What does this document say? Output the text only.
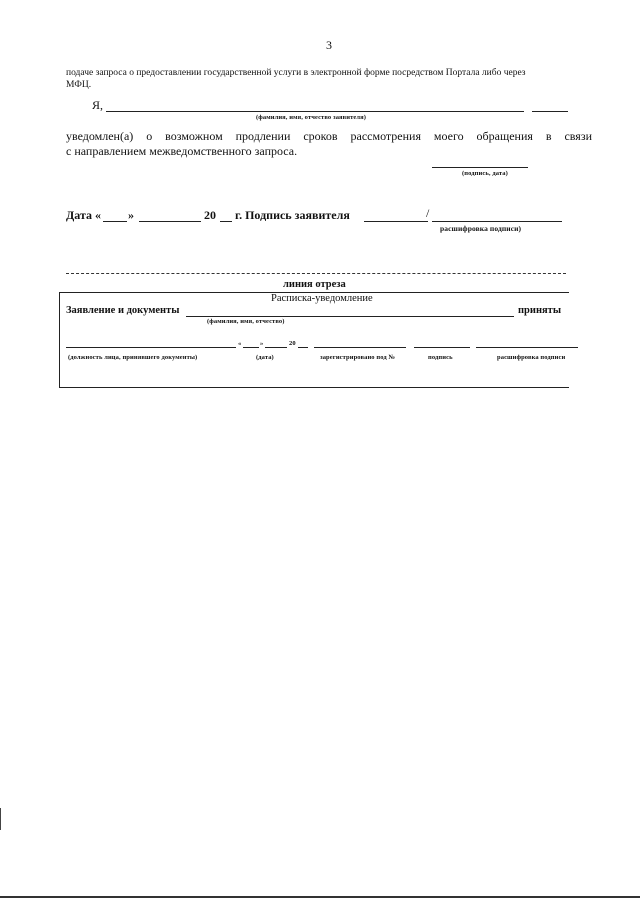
3
подаче запроса о предоставлении государственной услуги в электронной форме посредством Портала либо через
МФЦ.
Я,
(фамилия, имя, отчество заявителя)
уведомлен(а) о возможном продлении сроков рассмотрения моего обращения в связи
с направлением межведомственного запроса.
(подпись, дата)
Дата « »	20 г. Подпись заявителя	/
расшифровка подписи)
линия отреза
Расписка-уведомление
Заявление и документы	приняты
(фамилия, имя, отчество)
«	»	20
(должность лица, принявшего документы)	(дата)	зарегистрировано под №	подпись	расшифровка подписи
